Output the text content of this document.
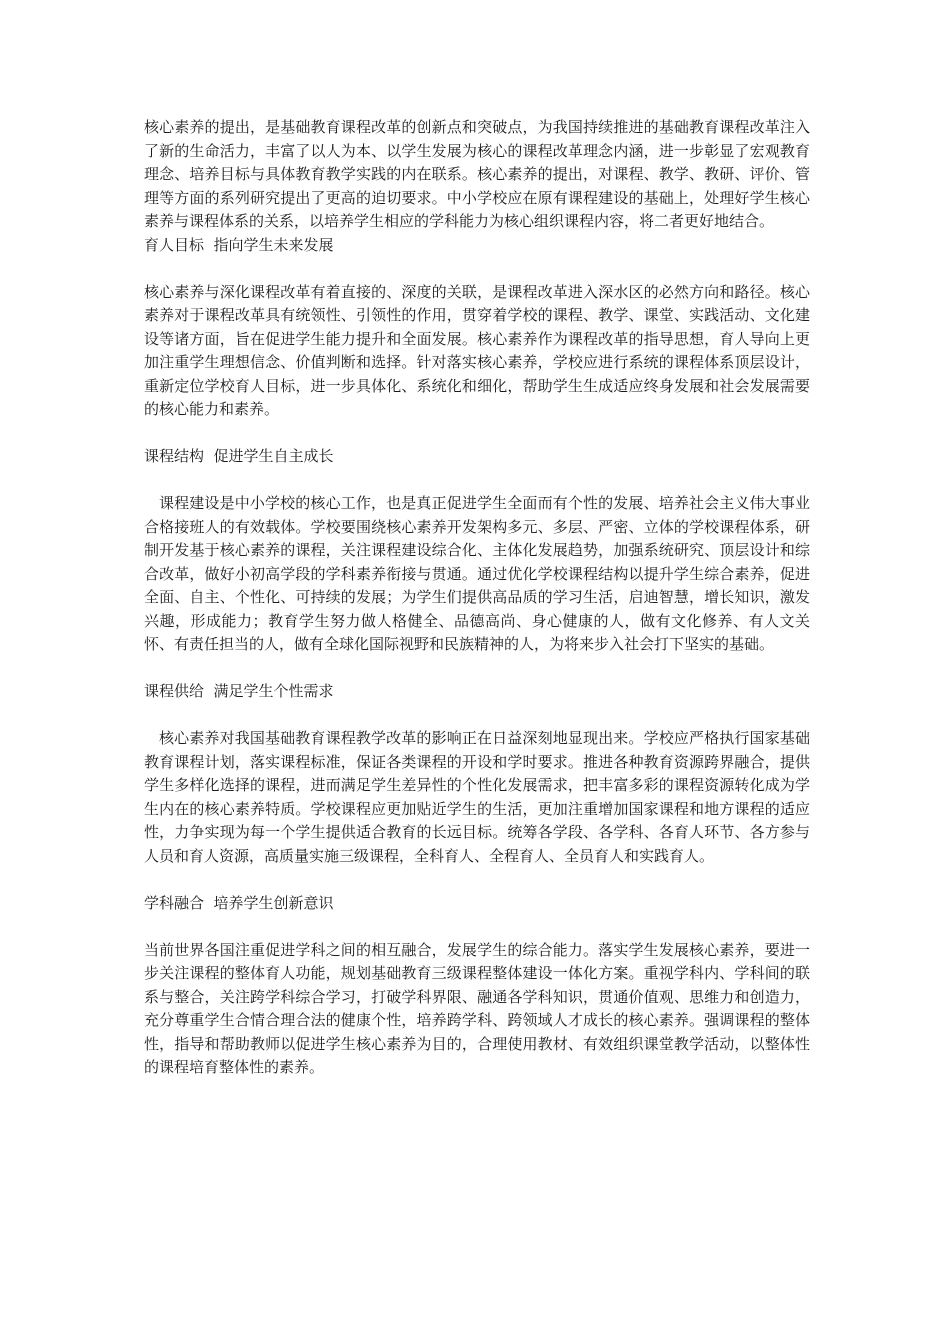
核心素养的提出，是基础教育课程改革的创新点和突破点，为我国持续推进的基础教育课程改革注入了新的生命活力，丰富了以人为本、以学生发展为核心的课程改革理念内涵，进一步彰显了宏观教育理念、培养目标与具体教育教学实践的内在联系。核心素养的提出，对课程、教学、教研、评价、管理等方面的系列研究提出了更高的迫切要求。中小学校应在原有课程建设的基础上，处理好学生核心素养与课程体系的关系，以培养学生相应的学科能力为核心组织课程内容，将二者更好地结合。

育人目标  指向学生未来发展

核心素养与深化课程改革有着直接的、深度的关联，是课程改革进入深水区的必然方向和路径。核心素养对于课程改革具有统领性、引领性的作用，贯穿着学校的课程、教学、课堂、实践活动、文化建设等诸方面，旨在促进学生能力提升和全面发展。核心素养作为课程改革的指导思想，育人导向上更加注重学生理想信念、价值判断和选择。针对落实核心素养，学校应进行系统的课程体系顶层设计，重新定位学校育人目标，进一步具体化、系统化和细化，帮助学生生成适应终身发展和社会发展需要的核心能力和素养。

课程结构  促进学生自主成长

课程建设是中小学校的核心工作，也是真正促进学生全面而有个性的发展、培养社会主义伟大事业合格接班人的有效载体。学校要围绕核心素养开发架构多元、多层、严密、立体的学校课程体系，研制开发基于核心素养的课程，关注课程建设综合化、主体化发展趋势，加强系统研究、顶层设计和综合改革，做好小初高学段的学科素养衔接与贯通。通过优化学校课程结构以提升学生综合素养，促进全面、自主、个性化、可持续的发展；为学生们提供高品质的学习生活，启迪智慧，增长知识，激发兴趣，形成能力；教育学生努力做人格健全、品德高尚、身心健康的人，做有文化修养、有人文关怀、有责任担当的人，做有全球化国际视野和民族精神的人，为将来步入社会打下坚实的基础。

课程供给  满足学生个性需求

核心素养对我国基础教育课程教学改革的影响正在日益深刻地显现出来。学校应严格执行国家基础教育课程计划，落实课程标准，保证各类课程的开设和学时要求。推进各种教育资源跨界融合，提供学生多样化选择的课程，进而满足学生差异性的个性化发展需求，把丰富多彩的课程资源转化成为学生内在的核心素养特质。学校课程应更加贴近学生的生活，更加注重增加国家课程和地方课程的适应性，力争实现为每一个学生提供适合教育的长远目标。统筹各学段、各学科、各育人环节、各方参与人员和育人资源，高质量实施三级课程，全科育人、全程育人、全员育人和实践育人。

学科融合  培养学生创新意识

当前世界各国注重促进学科之间的相互融合，发展学生的综合能力。落实学生发展核心素养，要进一步关注课程的整体育人功能，规划基础教育三级课程整体建设一体化方案。重视学科内、学科间的联系与整合，关注跨学科综合学习，打破学科界限、融通各学科知识，贯通价值观、思维力和创造力，充分尊重学生合情合理合法的健康个性，培养跨学科、跨领域人才成长的核心素养。强调课程的整体性，指导和帮助教师以促进学生核心素养为目的，合理使用教材、有效组织课堂教学活动，以整体性的课程培育整体性的素养。
